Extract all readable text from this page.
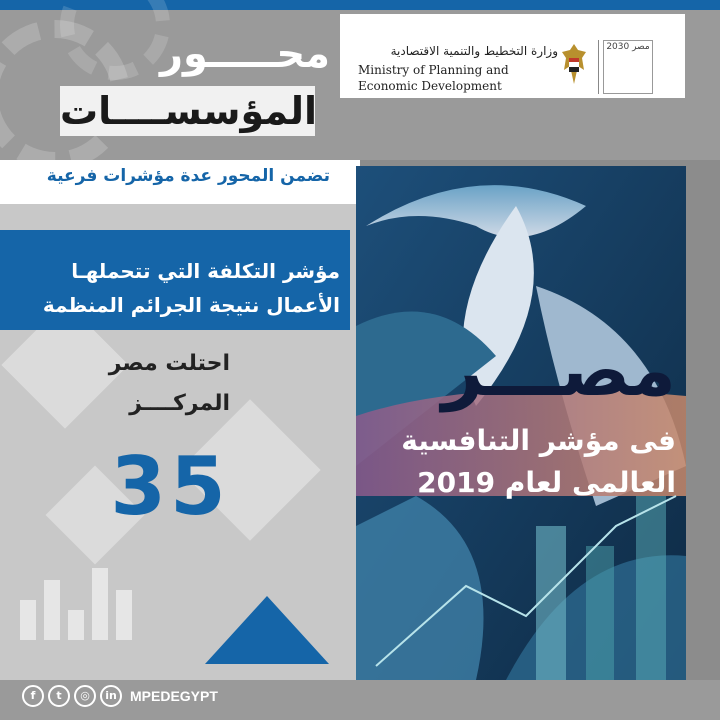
محـــــور
المؤسســــات
وزارة التخطيط والتنمية الاقتصادية
Ministry of Planning and Economic Development
مصر 2030
تضمن المحور عدة مؤشرات فرعية
مؤشر التكلفة التي تتحملهـا الأعمال نتيجة الجرائم المنظمة
احتلت مصر
المركــــز
35
مصـــر
فى مؤشر التنافسية
العالمى لعام 2019
f	t	◎	in MPEDEGYPT
